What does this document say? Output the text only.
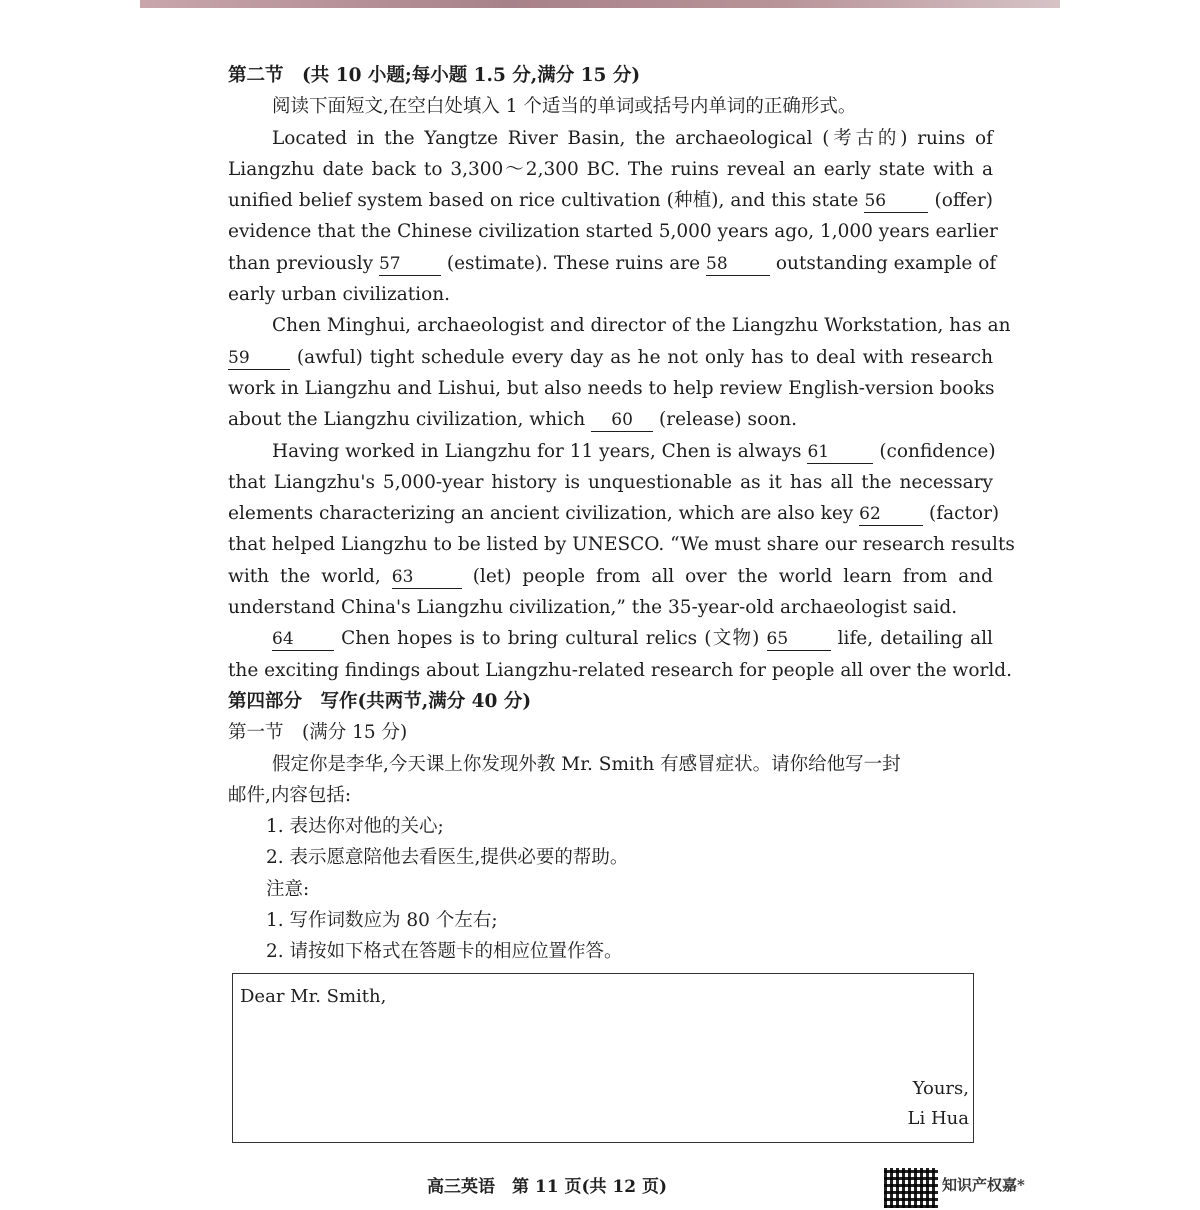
第二节　(共 10 小题;每小题 1.5 分,满分 15 分)
阅读下面短文,在空白处填入 1 个适当的单词或括号内单词的正确形式。
Located in the Yangtze River Basin, the archaeological (考古的) ruins of
Liangzhu date back to 3,300～2,300 BC. The ruins reveal an early state with a
unified belief system based on rice cultivation (种植), and this state 56	(offer)
evidence that the Chinese civilization started 5,000 years ago, 1,000 years earlier
than previously 57	(estimate). These ruins are 58	outstanding example of
early urban civilization.
Chen Minghui, archaeologist and director of the Liangzhu Workstation, has an
59	(awful) tight schedule every day as he not only has to deal with research
work in Liangzhu and Lishui, but also needs to help review English-version books
about the Liangzhu civilization, which 60 (release) soon.
Having worked in Liangzhu for 11 years, Chen is always 61	(confidence)
that Liangzhu's 5,000-year history is unquestionable as it has all the necessary
elements characterizing an ancient civilization, which are also key 62	(factor)
that helped Liangzhu to be listed by UNESCO. “We must share our research results
with the world, 63	(let) people from all over the world learn from and
understand China's Liangzhu civilization,” the 35-year-old archaeologist said.
64	Chen hopes is to bring cultural relics (文物) 65	life, detailing all
the exciting findings about Liangzhu-related research for people all over the world.
第四部分　写作(共两节,满分 40 分)
第一节　(满分 15 分)
假定你是李华,今天课上你发现外教 Mr. Smith 有感冒症状。请你给他写一封
邮件,内容包括:
1. 表达你对他的关心;
2. 表示愿意陪他去看医生,提供必要的帮助。
注意:
1. 写作词数应为 80 个左右;
2. 请按如下格式在答题卡的相应位置作答。
Dear Mr. Smith,
Yours,
Li Hua
高三英语　第 11 页(共 12 页)	知识产权嘉*
